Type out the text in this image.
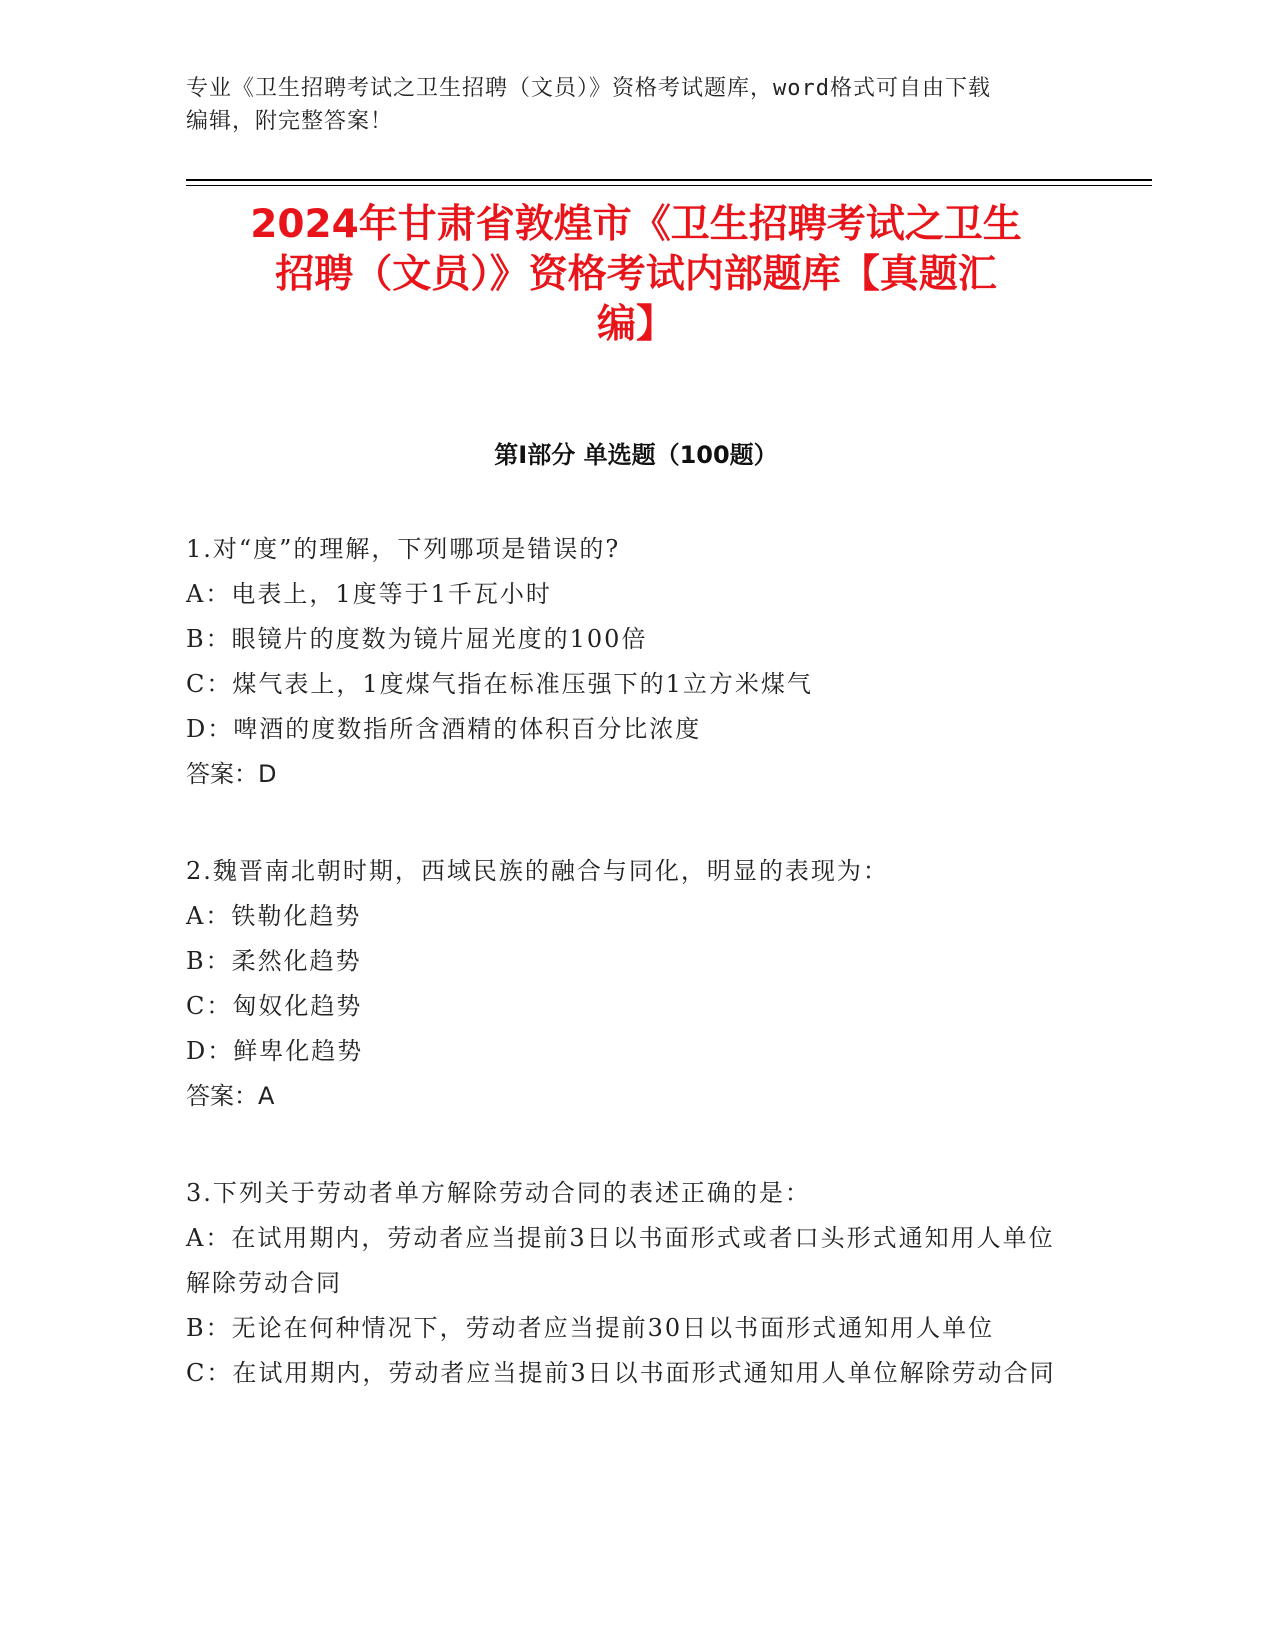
专业《卫生招聘考试之卫生招聘（文员）》资格考试题库，word格式可自由下载
编辑，附完整答案！
2024年甘肃省敦煌市《卫生招聘考试之卫生
招聘（文员）》资格考试内部题库【真题汇
编】
第Ⅰ部分 单选题（100题）

1.对“度”的理解，下列哪项是错误的?

A：电表上，1度等于1千瓦小时

B：眼镜片的度数为镜片屈光度的100倍

C：煤气表上，1度煤气指在标准压强下的1立方米煤气

D：啤酒的度数指所含酒精的体积百分比浓度

答案：D

2.魏晋南北朝时期，西域民族的融合与同化，明显的表现为：

A：铁勒化趋势

B：柔然化趋势

C：匈奴化趋势

D：鲜卑化趋势

答案：A

3.下列关于劳动者单方解除劳动合同的表述正确的是：

A：在试用期内，劳动者应当提前3日以书面形式或者口头形式通知用人单位解除劳动合同

B：无论在何种情况下，劳动者应当提前30日以书面形式通知用人单位

C：在试用期内，劳动者应当提前3日以书面形式通知用人单位解除劳动合同
